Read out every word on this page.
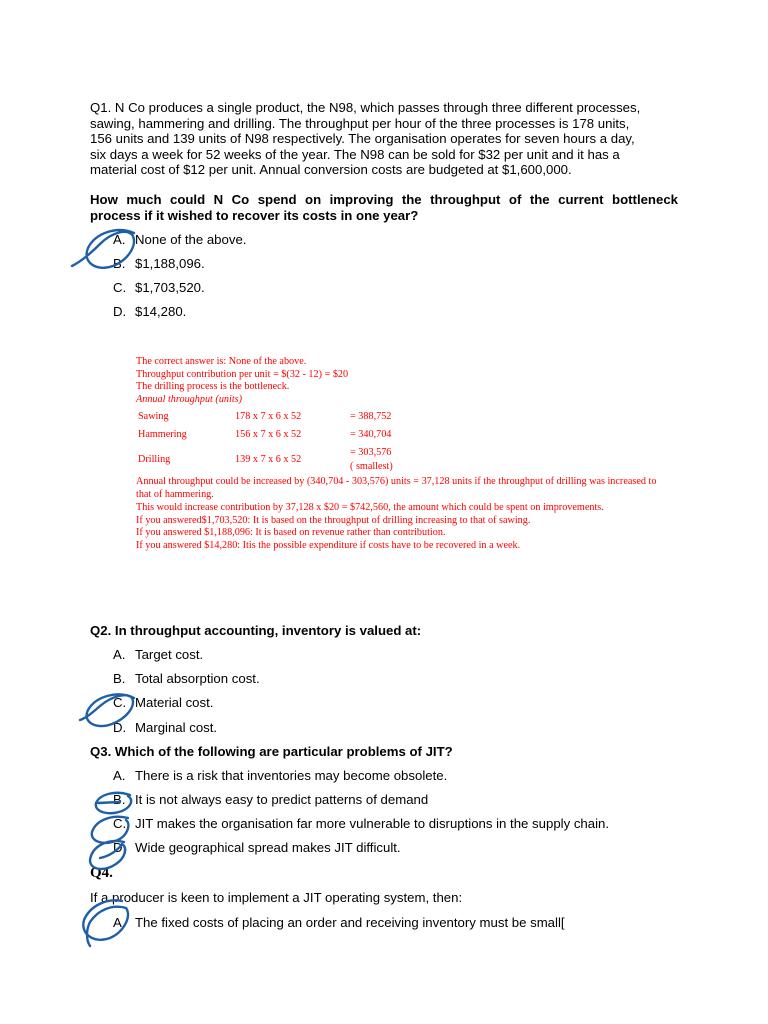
Q1. N Co produces a single product, the N98, which passes through three different processes,
sawing, hammering and drilling. The throughput per hour of the three processes is 178 units,
156 units and 139 units of N98 respectively. The organisation operates for seven hours a day,
six days a week for 52 weeks of the year. The N98 can be sold for $32 per unit and it has a
material cost of $12 per unit. Annual conversion costs are budgeted at $1,600,000.
How much could N Co spend on improving the throughput of the current bottleneck
process if it wished to recover its costs in one year?
A. None of the above.
B. $1,188,096.
C. $1,703,520.
D. $14,280.
The correct answer is: None of the above.
Throughput contribution per unit = $(32 - 12) = $20
The drilling process is the bottleneck.
Annual throughput (units)
Sawing	178 x 7 x 6 x 52	= 388,752
Hammering	156 x 7 x 6 x 52	= 340,704
Drilling	139 x 7 x 6 x 52
= 303,576
( smallest)
Annual throughput could be increased by (340,704 - 303,576) units = 37,128 units if the throughput of drilling was increased to
that of hammering.
This would increase contribution by 37,128 x $20 = $742,560, the amount which could be spent on improvements.
If you answered$1,703,520: It is based on the throughput of drilling increasing to that of sawing.
If you answered $1,188,096: It is based on revenue rather than contribution.
If you answered $14,280: Itis the possible expenditure if costs have to be recovered in a week.
Q2. In throughput accounting, inventory is valued at:
A. Target cost.
B. Total absorption cost.
C. Material cost.
D. Marginal cost.
Q3. Which of the following are particular problems of JIT?
A. There is a risk that inventories may become obsolete.
B. It is not always easy to predict patterns of demand
C. JIT makes the organisation far more vulnerable to disruptions in the supply chain.
D. Wide geographical spread makes JIT difficult.
Q4.
If a producer is keen to implement a JIT operating system, then:
A. The fixed costs of placing an order and receiving inventory must be small[
